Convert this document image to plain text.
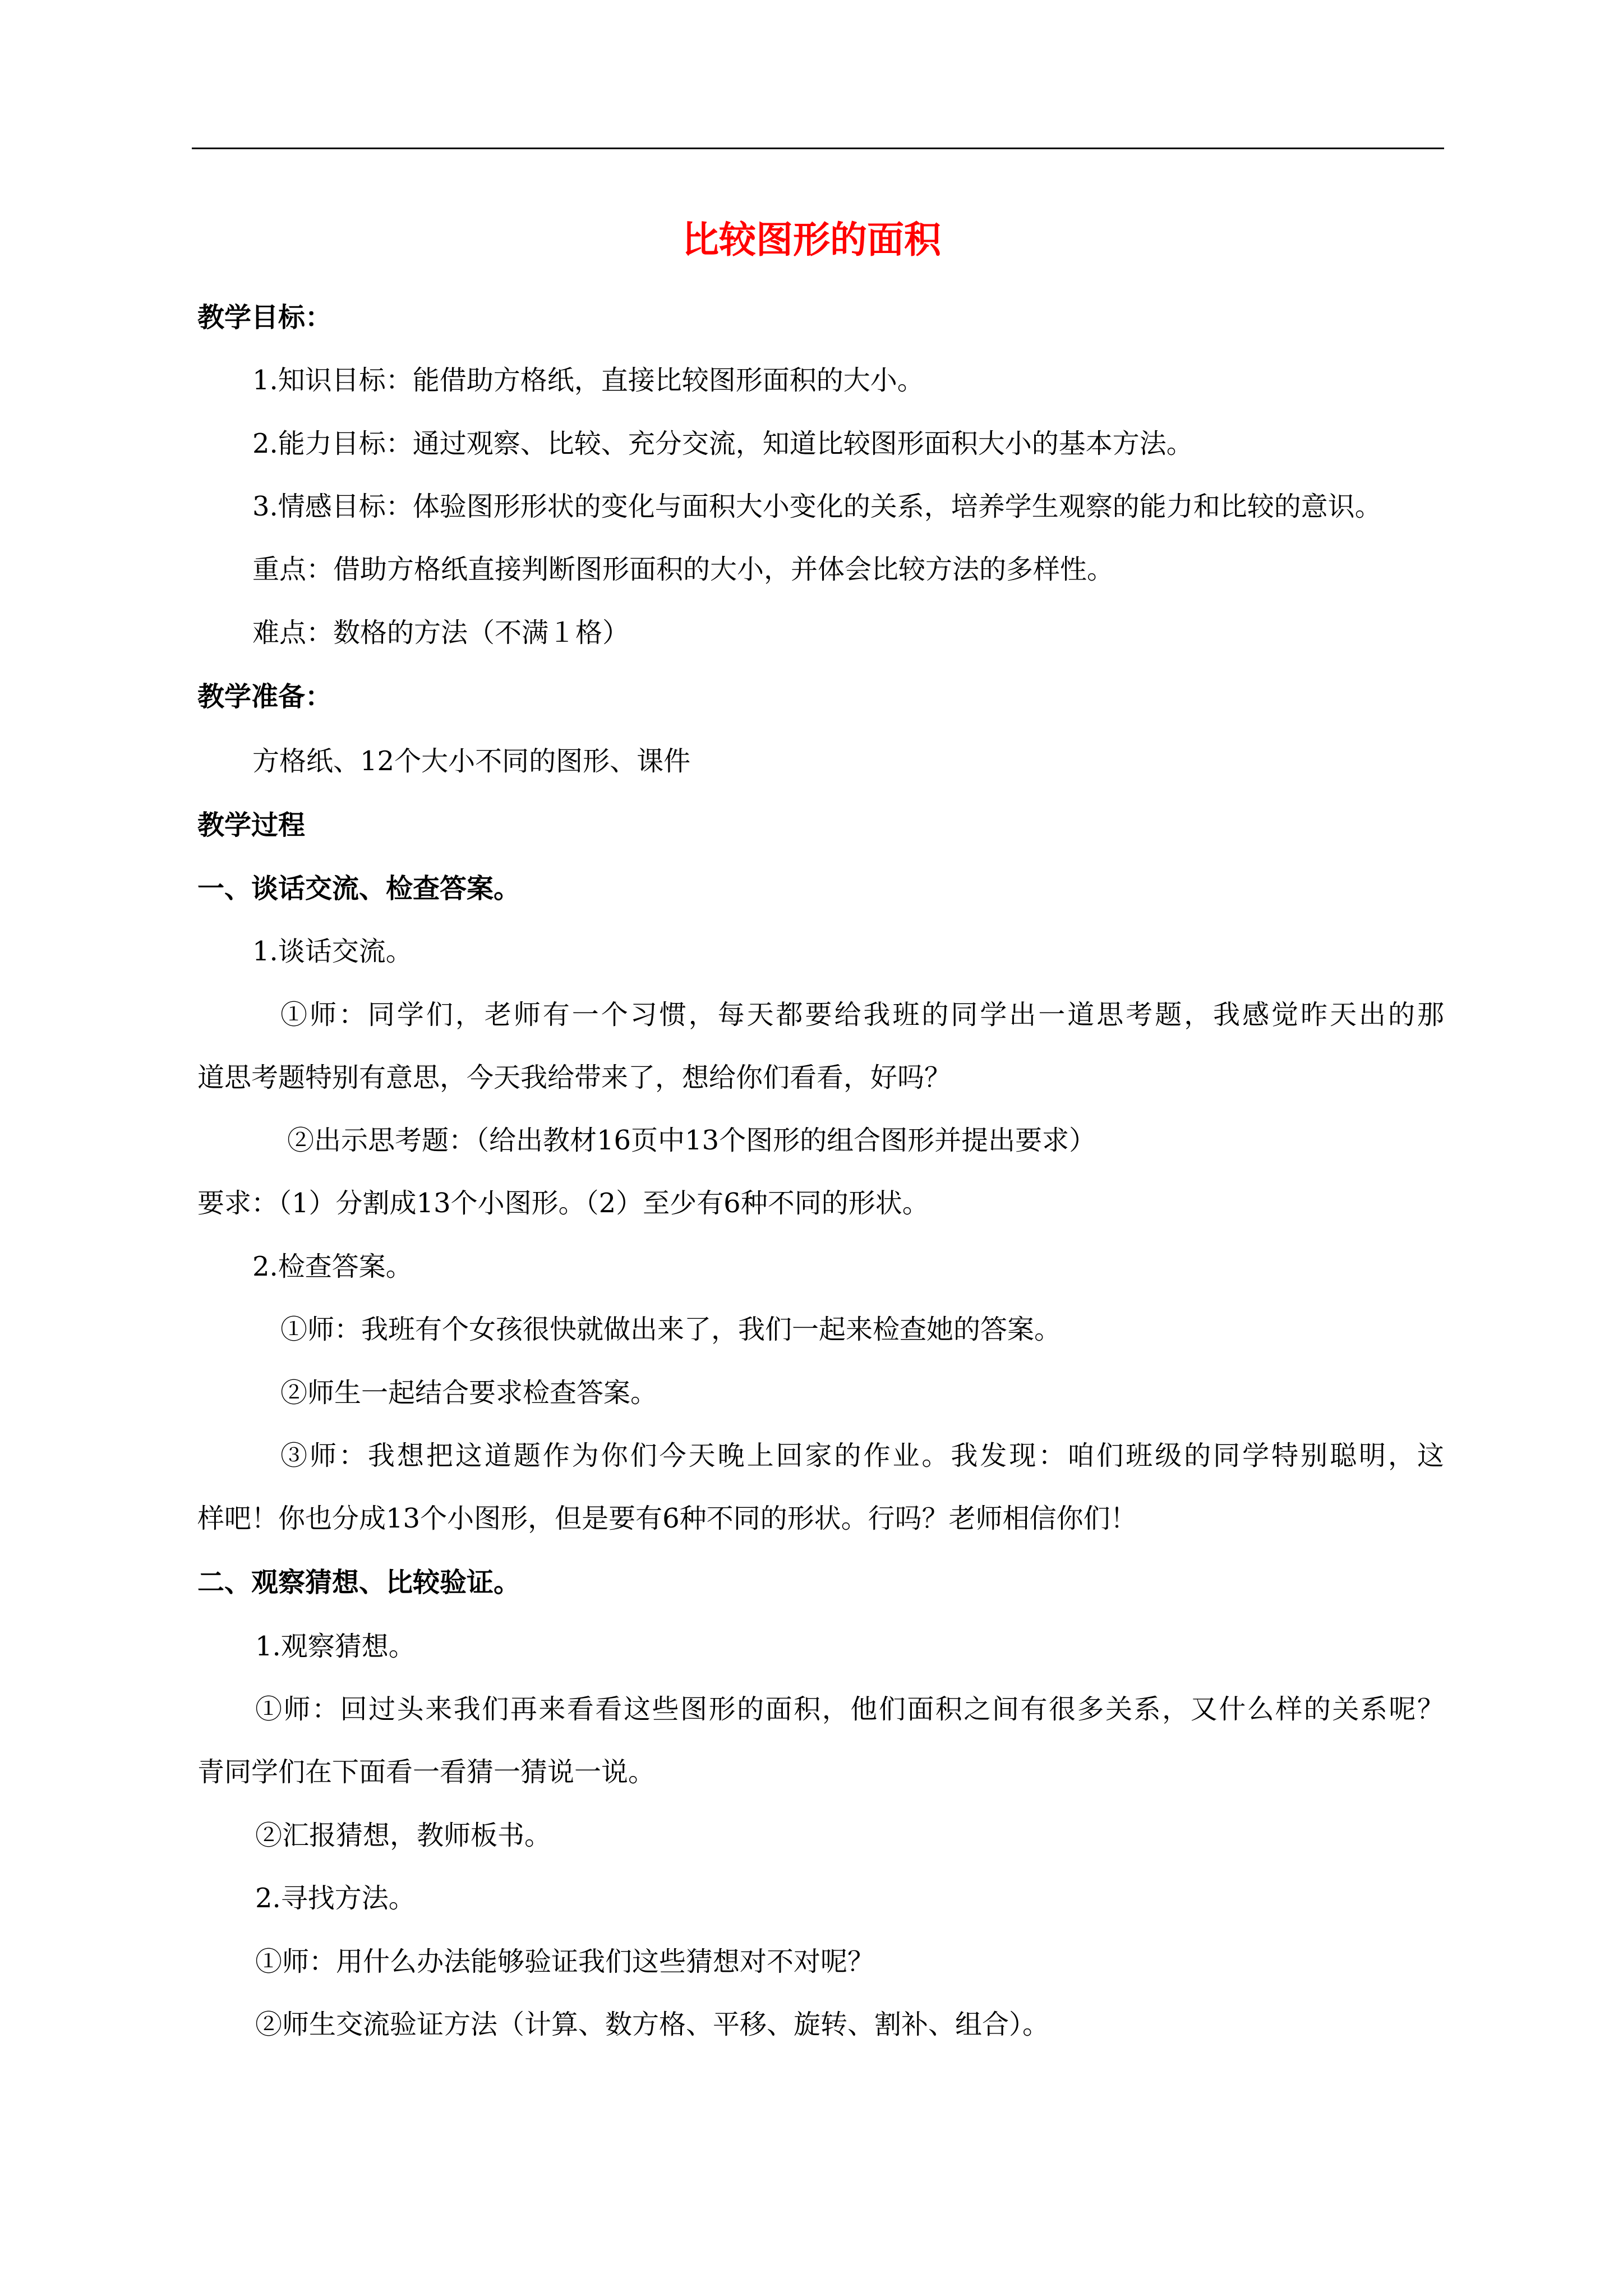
比较图形的面积

教学目标：

1.知识目标：能借助方格纸，直接比较图形面积的大小。

2.能力目标：通过观察、比较、充分交流，知道比较图形面积大小的基本方法。

3.情感目标：体验图形形状的变化与面积大小变化的关系，培养学生观察的能力和比较的意识。

重点：借助方格纸直接判断图形面积的大小，并体会比较方法的多样性。

难点：数格的方法（不满１格）

教学准备：

方格纸、12个大小不同的图形、课件

教学过程

一、谈话交流、检查答案。

1.谈话交流。

①师：同学们，老师有一个习惯，每天都要给我班的同学出一道思考题，我感觉昨天出的那

道思考题特别有意思，今天我给带来了，想给你们看看，好吗？

②出示思考题：（给出教材16页中13个图形的组合图形并提出要求）

要求：（1）分割成13个小图形。（2）至少有6种不同的形状。

2.检查答案。

①师：我班有个女孩很快就做出来了，我们一起来检查她的答案。

②师生一起结合要求检查答案。

③师：我想把这道题作为你们今天晚上回家的作业。我发现：咱们班级的同学特别聪明，这

样吧！你也分成13个小图形，但是要有6种不同的形状。行吗？老师相信你们！

二、观察猜想、比较验证。

1.观察猜想。

①师：回过头来我们再来看看这些图形的面积，他们面积之间有很多关系，又什么样的关系呢？

青同学们在下面看一看猜一猜说一说。

②汇报猜想，教师板书。

2.寻找方法。

①师：用什么办法能够验证我们这些猜想对不对呢？

②师生交流验证方法（计算、数方格、平移、旋转、割补、组合）。
